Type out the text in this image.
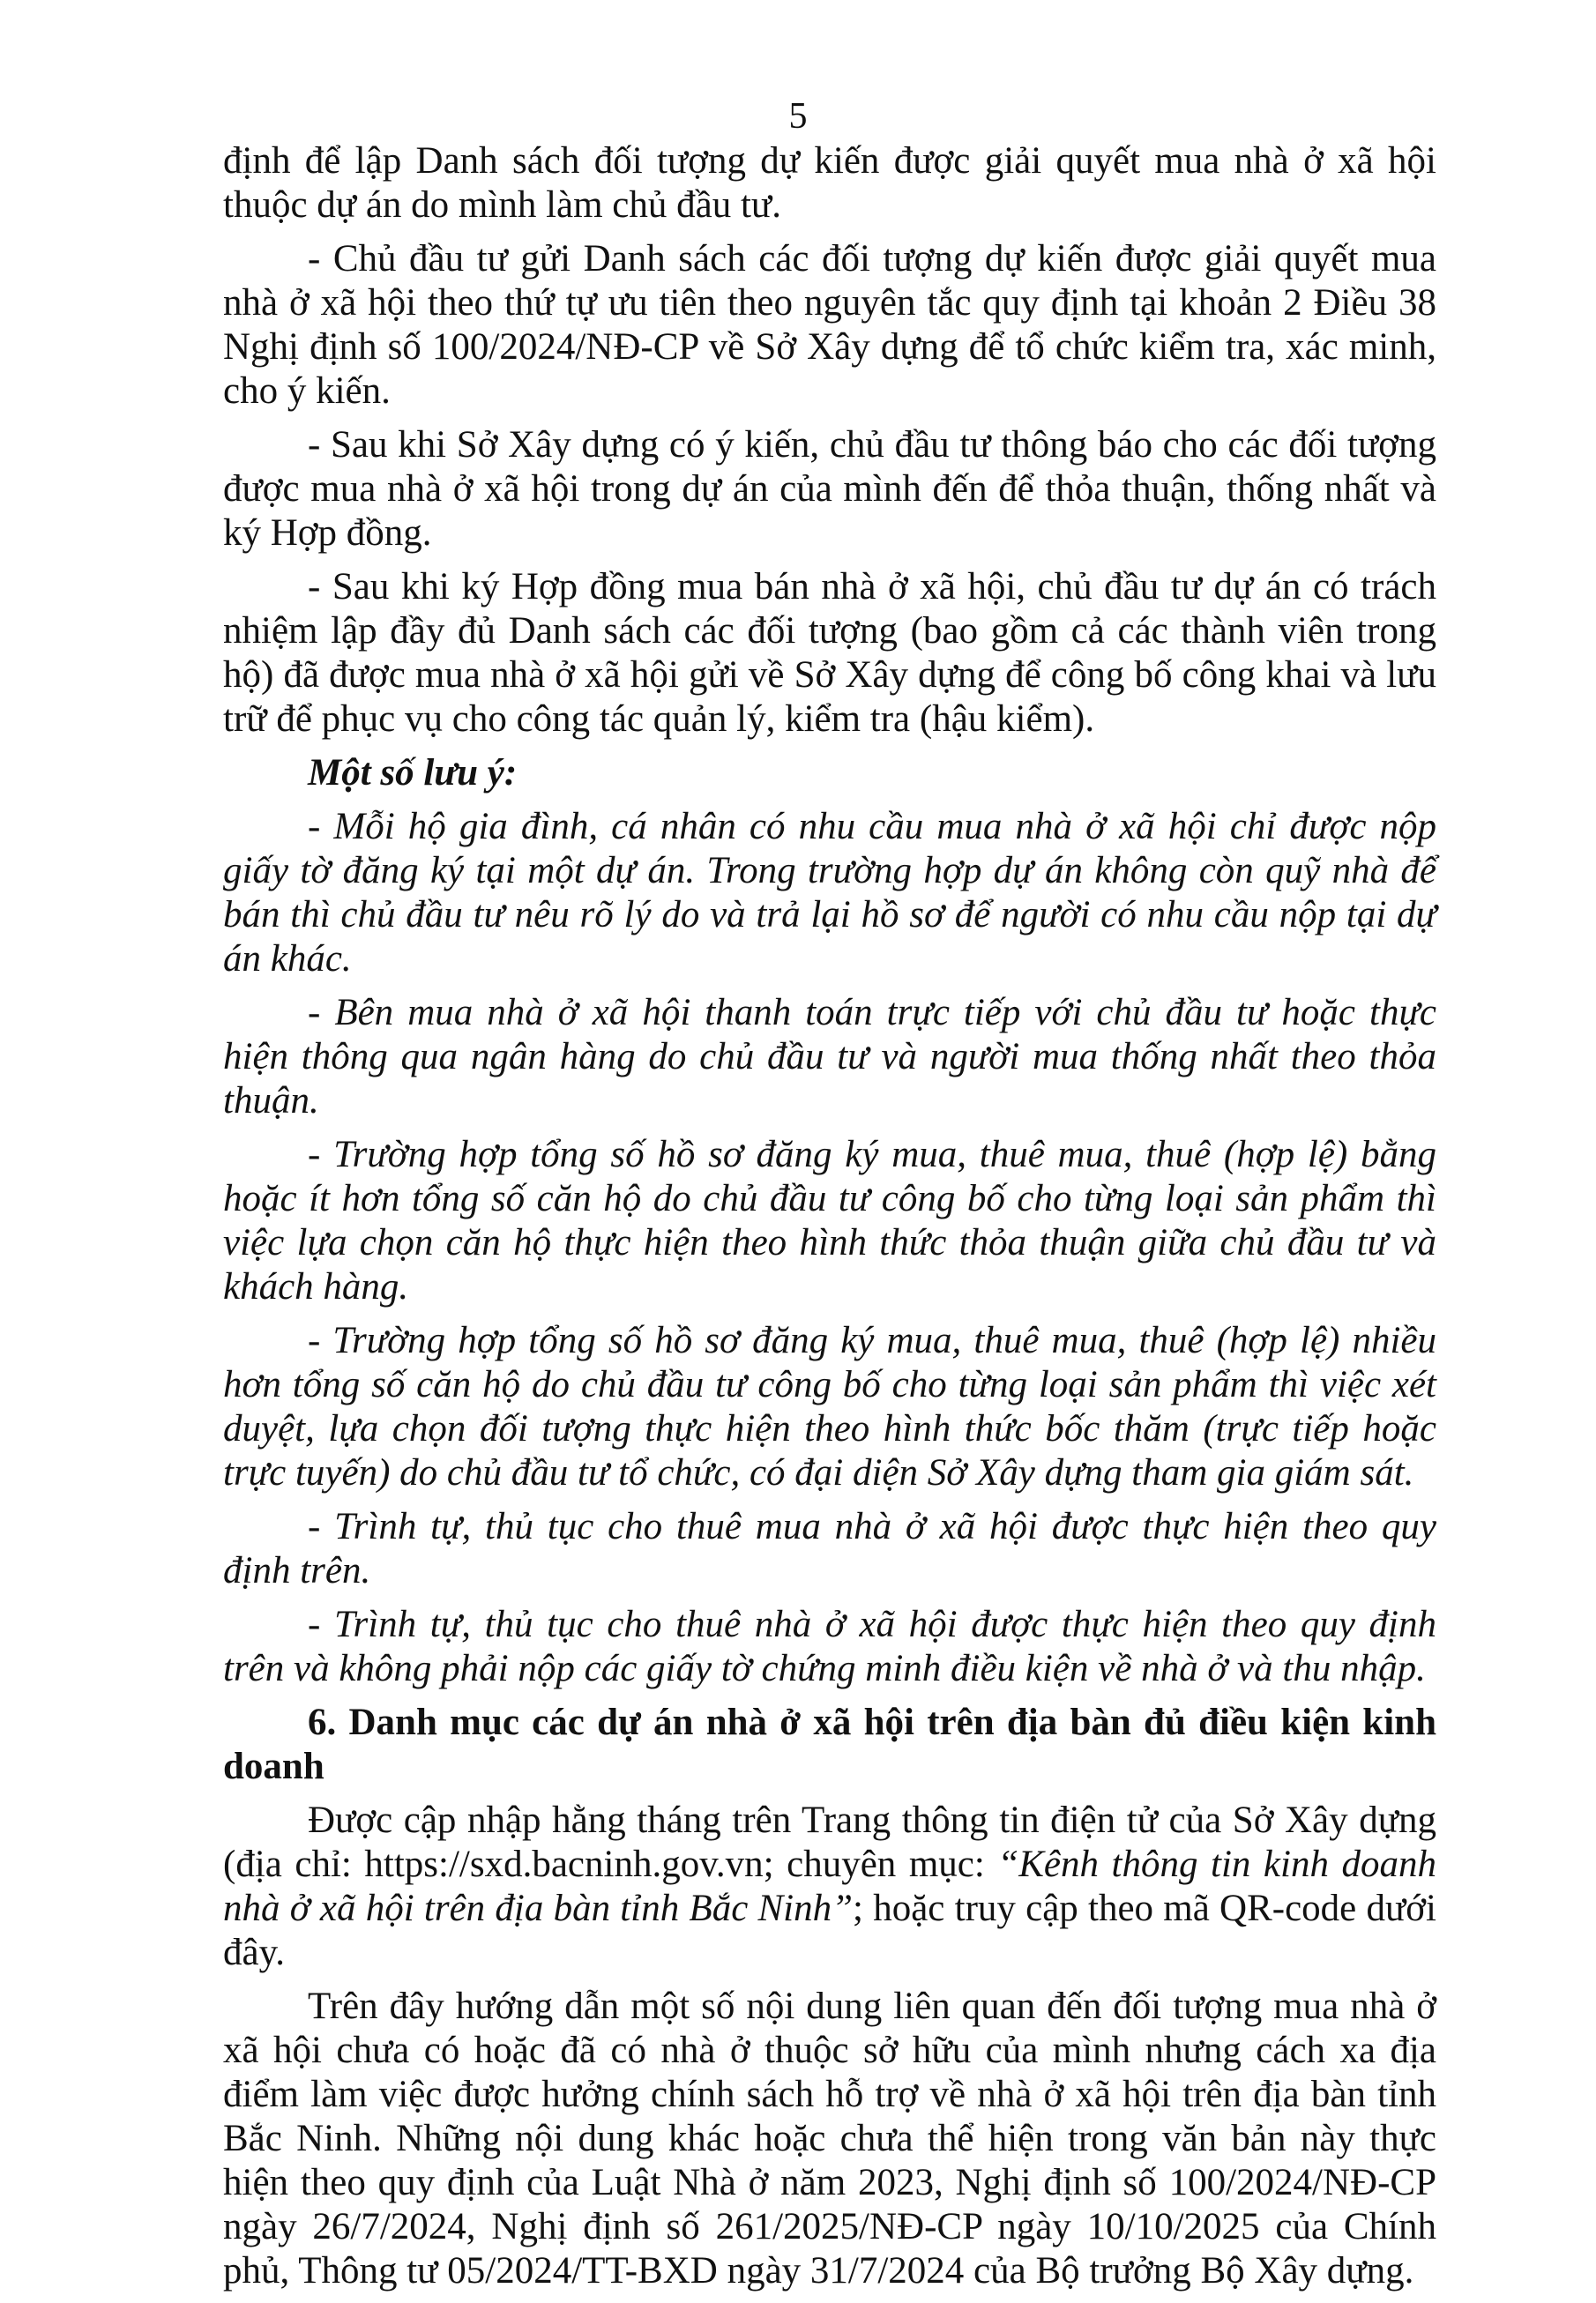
5

định để lập Danh sách đối tượng dự kiến được giải quyết mua nhà ở xã hội thuộc dự án do mình làm chủ đầu tư.

- Chủ đầu tư gửi Danh sách các đối tượng dự kiến được giải quyết mua nhà ở xã hội theo thứ tự ưu tiên theo nguyên tắc quy định tại khoản 2 Điều 38 Nghị định số 100/2024/NĐ-CP về Sở Xây dựng để tổ chức kiểm tra, xác minh, cho ý kiến.

- Sau khi Sở Xây dựng có ý kiến, chủ đầu tư thông báo cho các đối tượng được mua nhà ở xã hội trong dự án của mình đến để thỏa thuận, thống nhất và ký Hợp đồng.

- Sau khi ký Hợp đồng mua bán nhà ở xã hội, chủ đầu tư dự án có trách nhiệm lập đầy đủ Danh sách các đối tượng (bao gồm cả các thành viên trong hộ) đã được mua nhà ở xã hội gửi về Sở Xây dựng để công bố công khai và lưu trữ để phục vụ cho công tác quản lý, kiểm tra (hậu kiểm).

Một số lưu ý:

- Mỗi hộ gia đình, cá nhân có nhu cầu mua nhà ở xã hội chỉ được nộp giấy tờ đăng ký tại một dự án. Trong trường hợp dự án không còn quỹ nhà để bán thì chủ đầu tư nêu rõ lý do và trả lại hồ sơ để người có nhu cầu nộp tại dự án khác.

- Bên mua nhà ở xã hội thanh toán trực tiếp với chủ đầu tư hoặc thực hiện thông qua ngân hàng do chủ đầu tư và người mua thống nhất theo thỏa thuận.

- Trường hợp tổng số hồ sơ đăng ký mua, thuê mua, thuê (hợp lệ) bằng hoặc ít hơn tổng số căn hộ do chủ đầu tư công bố cho từng loại sản phẩm thì việc lựa chọn căn hộ thực hiện theo hình thức thỏa thuận giữa chủ đầu tư và khách hàng.

- Trường hợp tổng số hồ sơ đăng ký mua, thuê mua, thuê (hợp lệ) nhiều hơn tổng số căn hộ do chủ đầu tư công bố cho từng loại sản phẩm thì việc xét duyệt, lựa chọn đối tượng thực hiện theo hình thức bốc thăm (trực tiếp hoặc trực tuyến) do chủ đầu tư tổ chức, có đại diện Sở Xây dựng tham gia giám sát.

- Trình tự, thủ tục cho thuê mua nhà ở xã hội được thực hiện theo quy định trên.

- Trình tự, thủ tục cho thuê nhà ở xã hội được thực hiện theo quy định trên và không phải nộp các giấy tờ chứng minh điều kiện về nhà ở và thu nhập.

6. Danh mục các dự án nhà ở xã hội trên địa bàn đủ điều kiện kinh doanh

Được cập nhập hằng tháng trên Trang thông tin điện tử của Sở Xây dựng (địa chỉ: https://sxd.bacninh.gov.vn; chuyên mục: “Kênh thông tin kinh doanh nhà ở xã hội trên địa bàn tỉnh Bắc Ninh”; hoặc truy cập theo mã QR-code dưới đây.

Trên đây hướng dẫn một số nội dung liên quan đến đối tượng mua nhà ở xã hội chưa có hoặc đã có nhà ở thuộc sở hữu của mình nhưng cách xa địa điểm làm việc được hưởng chính sách hỗ trợ về nhà ở xã hội trên địa bàn tỉnh Bắc Ninh. Những nội dung khác hoặc chưa thể hiện trong văn bản này thực hiện theo quy định của Luật Nhà ở năm 2023, Nghị định số 100/2024/NĐ-CP ngày 26/7/2024, Nghị định số 261/2025/NĐ-CP ngày 10/10/2025 của Chính phủ, Thông tư 05/2024/TT-BXD ngày 31/7/2024 của Bộ trưởng Bộ Xây dựng.
